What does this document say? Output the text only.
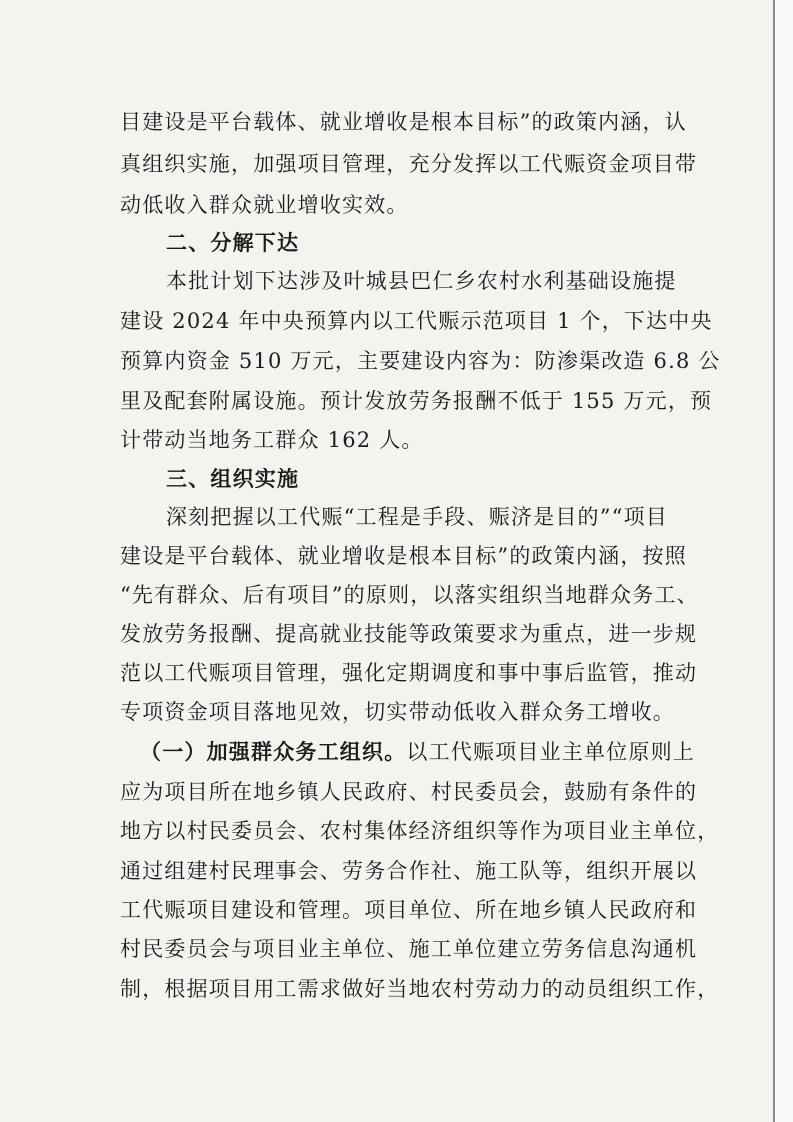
目建设是平台载体、就业增收是根本目标”的政策内涵，认
真组织实施，加强项目管理，充分发挥以工代赈资金项目带
动低收入群众就业增收实效。
二、分解下达
本批计划下达涉及叶城县巴仁乡农村水利基础设施提
建设 2024 年中央预算内以工代赈示范项目 1 个，下达中央
预算内资金 510 万元，主要建设内容为：防渗渠改造 6.8 公
里及配套附属设施。预计发放劳务报酬不低于 155 万元，预
计带动当地务工群众 162 人。
三、组织实施
深刻把握以工代赈“工程是手段、赈济是目的”“项目
建设是平台载体、就业增收是根本目标”的政策内涵，按照
“先有群众、后有项目”的原则，以落实组织当地群众务工、
发放劳务报酬、提高就业技能等政策要求为重点，进一步规
范以工代赈项目管理，强化定期调度和事中事后监管，推动
专项资金项目落地见效，切实带动低收入群众务工增收。
（一）加强群众务工组织。以工代赈项目业主单位原则上
应为项目所在地乡镇人民政府、村民委员会，鼓励有条件的
地方以村民委员会、农村集体经济组织等作为项目业主单位，
通过组建村民理事会、劳务合作社、施工队等，组织开展以
工代赈项目建设和管理。项目单位、所在地乡镇人民政府和
村民委员会与项目业主单位、施工单位建立劳务信息沟通机
制，根据项目用工需求做好当地农村劳动力的动员组织工作，
